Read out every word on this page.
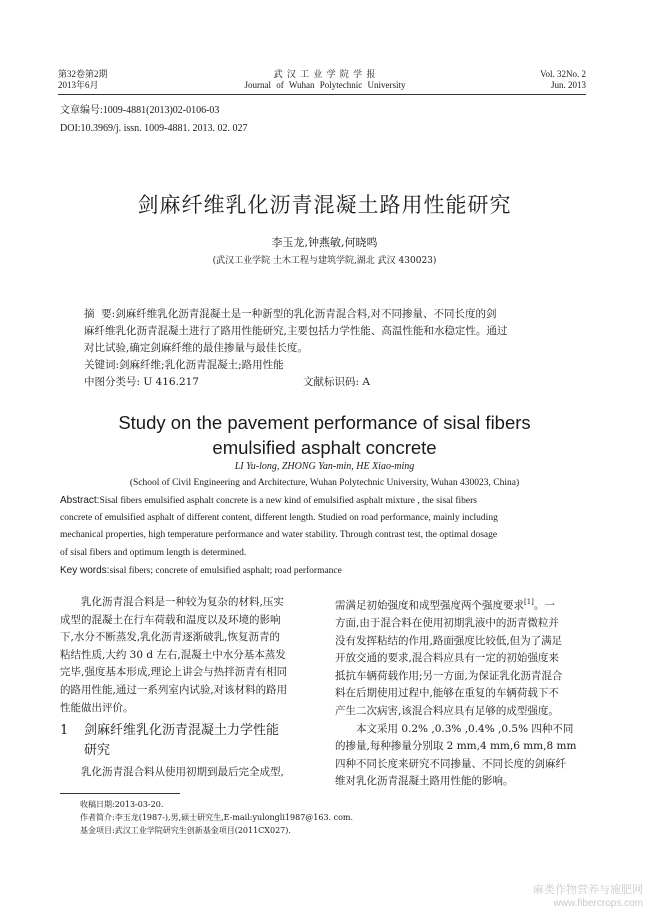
第32卷第2期
2013年6月
武 汉 工 业 学 院 学 报
Journal of Wuhan Polytechnic University
Vol. 32No. 2
Jun. 2013
文章编号:1009-4881(2013)02-0106-03
DOI:10.3969/j. issn. 1009-4881. 2013. 02. 027
剑麻纤维乳化沥青混凝土路用性能研究
李玉龙,钟燕敏,何晓鸣
(武汉工业学院 土木工程与建筑学院,湖北 武汉 430023)
摘  要:剑麻纤维乳化沥青混凝土是一种新型的乳化沥青混合料,对不同掺量、不同长度的剑
麻纤维乳化沥青混凝土进行了路用性能研究,主要包括力学性能、高温性能和水稳定性。通过
对比试验,确定剑麻纤维的最佳掺量与最佳长度。
关键词:剑麻纤维;乳化沥青混凝土;路用性能
中图分类号: U 416.217	文献标识码: A
Study on the pavement performance of sisal fibers
emulsified asphalt concrete
LI Yu-long, ZHONG Yan-min, HE Xiao-ming
(School of Civil Engineering and Architecture, Wuhan Polytechnic University, Wuhan 430023, China)
Abstract:Sisal fibers emulsified asphalt concrete is a new kind of emulsified asphalt mixture , the sisal fibers
concrete of emulsified asphalt of different content, different length. Studied on road performance, mainly including
mechanical properties, high temperature performance and water stability. Through contrast test, the optimal dosage
of sisal fibers and optimum length is determined.
Key words:sisal fibers; concrete of emulsified asphalt; road performance
乳化沥青混合料是一种较为复杂的材料,压实
成型的混凝土在行车荷载和温度以及环境的影响
下,水分不断蒸发,乳化沥青逐渐破乳,恢复沥青的
粘结性质,大约 30 d 左右,混凝土中水分基本蒸发
完毕,强度基本形成,理论上讲会与热拌沥青有相同
的路用性能,通过一系列室内试验,对该材料的路用
性能做出评价。
1	剑麻纤维乳化沥青混凝土力学性能
研究
乳化沥青混合料从使用初期到最后完全成型,
需满足初始强度和成型强度两个强度要求[1]。一
方面,由于混合料在使用初期乳液中的沥青微粒并
没有发挥粘结的作用,路面强度比较低,但为了满足
开放交通的要求,混合料应具有一定的初始强度来
抵抗车辆荷载作用;另一方面,为保证乳化沥青混合
料在后期使用过程中,能够在重复的车辆荷载下不
产生二次病害,该混合料应具有足够的成型强度。
本文采用 0.2% ,0.3% ,0.4% ,0.5% 四种不同
的掺量,每种掺量分别取 2 mm,4 mm,6 mm,8 mm
四种不同长度来研究不同掺量、不同长度的剑麻纤
维对乳化沥青混凝土路用性能的影响。
收稿日期:2013-03-20.
作者简介:李玉龙(1987-),男,硕士研究生,E-mail:yulongli1987@163. com.
基金项目:武汉工业学院研究生创新基金项目(2011CX027).
麻类作物营养与施肥网
www.fibercrops.com
